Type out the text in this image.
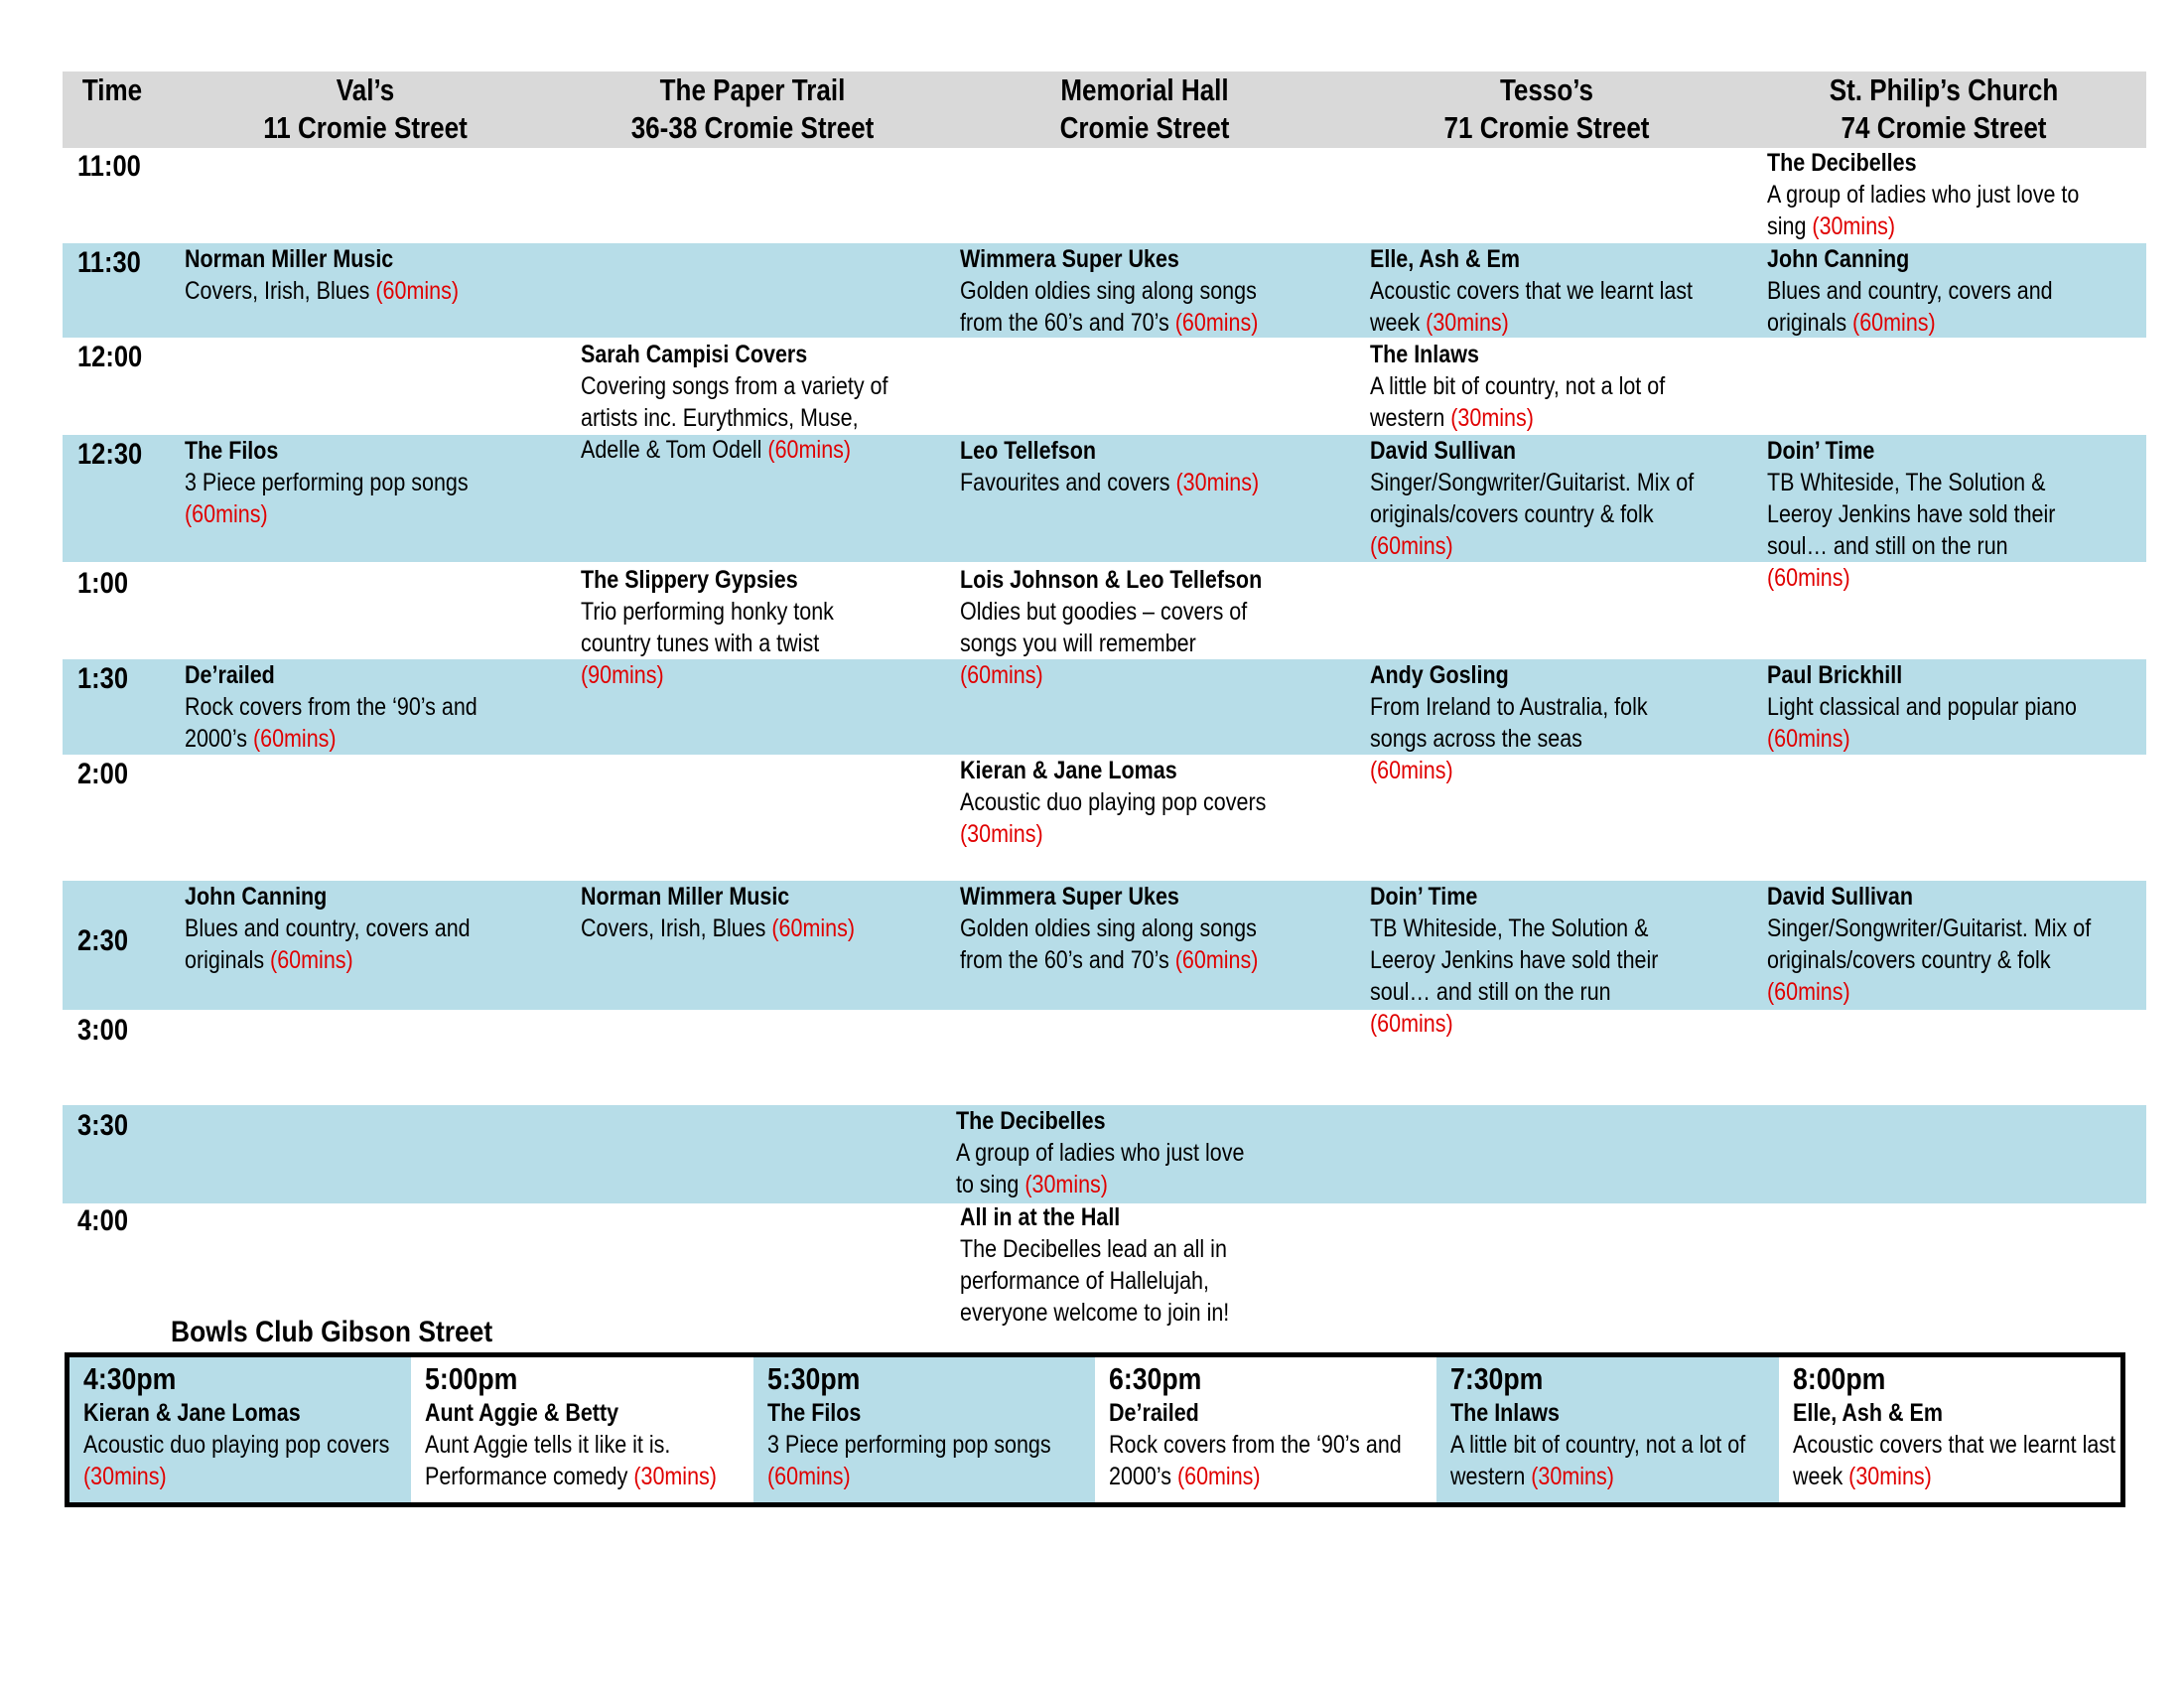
Time	Val’s
11 Cromie Street
The Paper Trail
36-38 Cromie Street
Memorial Hall
Cromie Street
Tesso’s
71 Cromie Street
St. Philip’s Church
74 Cromie Street
11:00
11:30
12:00
12:30
1:00
1:30
2:00
2:30
3:00
3:30
4:00
The Decibelles
A group of ladies who just love to sing (30mins)
Norman Miller Music
Covers, Irish, Blues (60mins)
Wimmera Super Ukes
Golden oldies sing along songs from the 60’s and 70’s (60mins)
Elle, Ash & Em
Acoustic covers that we learnt last week (30mins)
John Canning
Blues and country, covers and originals (60mins)
Sarah Campisi Covers
Covering songs from a variety of artists inc. Eurythmics, Muse, Adelle & Tom Odell (60mins)
The Inlaws
A little bit of country, not a lot of western (30mins)
The Filos
3 Piece performing pop songs (60mins)
Leo Tellefson
Favourites and covers (30mins)
David Sullivan
Singer/Songwriter/Guitarist. Mix of originals/covers country & folk (60mins)
Doin’ Time
TB Whiteside, The Solution & Leeroy Jenkins have sold their soul… and still on the run (60mins)
The Slippery Gypsies
Trio performing honky tonk country tunes with a twist (90mins)
Lois Johnson & Leo Tellefson
Oldies but goodies – covers of songs you will remember (60mins)
De’railed
Rock covers from the ‘90’s and 2000’s (60mins)
Andy Gosling
From Ireland to Australia, folk songs across the seas (60mins)
Paul Brickhill
Light classical and popular piano (60mins)
Kieran & Jane Lomas
Acoustic duo playing pop covers (30mins)
John Canning
Blues and country, covers and originals (60mins)
Norman Miller Music
Covers, Irish, Blues (60mins)
Wimmera Super Ukes
Golden oldies sing along songs from the 60’s and 70’s (60mins)
Doin’ Time
TB Whiteside, The Solution & Leeroy Jenkins have sold their soul… and still on the run (60mins)
David Sullivan
Singer/Songwriter/Guitarist. Mix of originals/covers country & folk (60mins)
The Decibelles
A group of ladies who just love to sing (30mins)
All in at the Hall
The Decibelles lead an all in performance of Hallelujah, everyone welcome to join in!
Bowls Club Gibson Street
4:30pm
Kieran & Jane Lomas
Acoustic duo playing pop covers (30mins)
5:00pm
Aunt Aggie & Betty
Aunt Aggie tells it like it is. Performance comedy (30mins)
5:30pm
The Filos
3 Piece performing pop songs (60mins)
6:30pm
De’railed
Rock covers from the ‘90’s and 2000’s (60mins)
7:30pm
The Inlaws
A little bit of country, not a lot of western (30mins)
8:00pm
Elle, Ash & Em
Acoustic covers that we learnt last week (30mins)
